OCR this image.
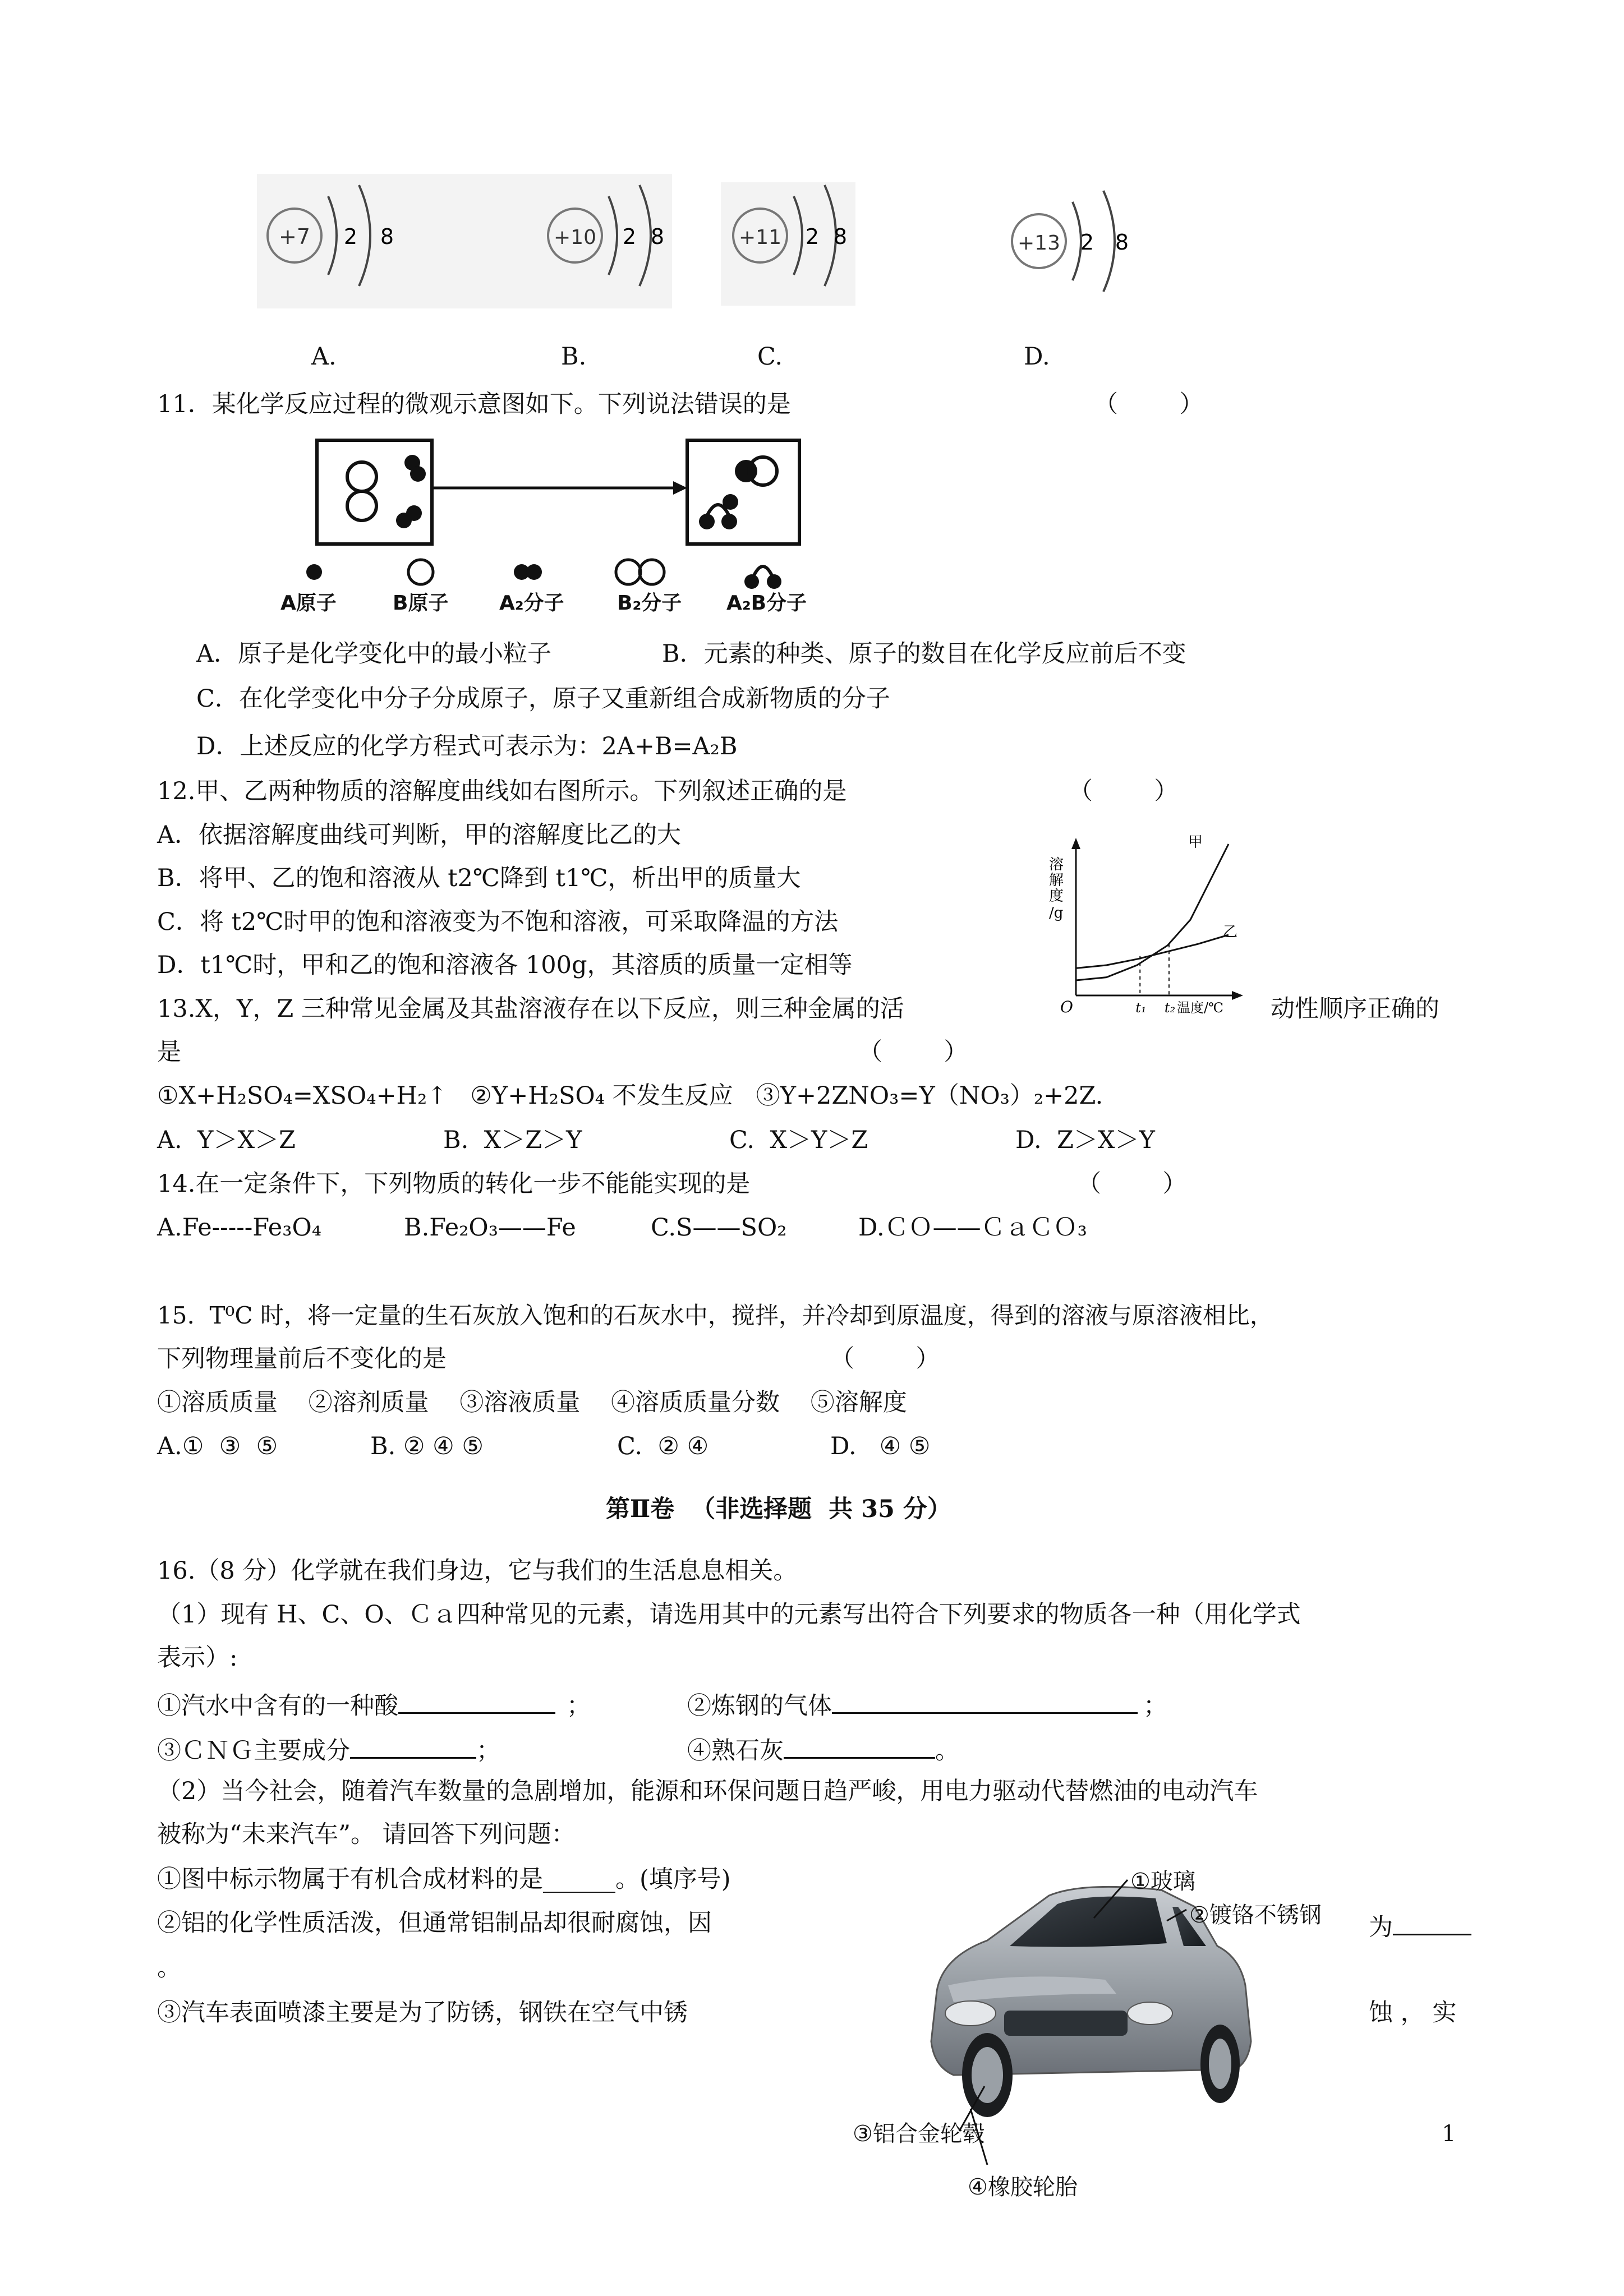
+7 2 8	+10 2 8	+11 2 8	+13 2 8
A.	B.	C.	D.
11．某化学反应过程的微观示意图如下。下列说法错误的是	（        ）
A原子	B原子	A₂分子	B₂分子 A₂B分子
A．原子是化学变化中的最小粒子	B．元素的种类、原子的数目在化学反应前后不变
C．在化学变化中分子分成原子，原子又重新组合成新物质的分子
D．上述反应的化学方程式可表示为：2A+B=A₂B
12.甲、乙两种物质的溶解度曲线如右图所示。下列叙述正确的是	（        ）
A．依据溶解度曲线可判断，甲的溶解度比乙的大
B．将甲、乙的饱和溶液从 t2℃降到 t1℃，析出甲的质量大
C．将 t2℃时甲的饱和溶液变为不饱和溶液，可采取降温的方法
D．t1℃时，甲和乙的饱和溶液各 100g，其溶质的质量一定相等
溶
解
度
/g
O	t₁ t₂ 温度/℃
甲
乙
13.X，Y，Z 三种常见金属及其盐溶液存在以下反应，则三种金属的活	动性顺序正确的
是	（        ）
①X+H₂SO₄=XSO₄+H₂↑   ②Y+H₂SO₄ 不发生反应   ③Y+2ZNO₃=Y（NO₃）₂+2Z.
A.  Y＞X＞Z	B.  X＞Z＞Y	C.  X＞Y＞Z	D.  Z＞X＞Y
14.在一定条件下，下列物质的转化一步不能能实现的是	（        ）
A.Fe-----Fe₃O₄	B.Fe₂O₃——Fe	C.S——SO₂	D.ＣＯ——ＣａＣＯ₃
15.  T⁰C 时，将一定量的生石灰放入饱和的石灰水中，搅拌，并冷却到原温度，得到的溶液与原溶液相比，
下列物理量前后不变化的是	（        ）
①溶质质量    ②溶剂质量    ③溶液质量    ④溶质质量分数    ⑤溶解度
A.①  ③  ⑤	B. ② ④ ⑤	C.  ② ④	D.   ④ ⑤
第Ⅱ卷  （非选择题  共 35 分）
16.（8 分）化学就在我们身边，它与我们的生活息息相关。
（1）现有 H、C、O、Ｃａ四种常见的元素，请选用其中的元素写出符合下列要求的物质各一种（用化学式
表示）:
①汽水中含有的一种酸	；	②炼钢的气体	；
③ＣＮＧ主要成分	；	④熟石灰	。
（2）当今社会，随着汽车数量的急剧增加，能源和环保问题日趋严峻，用电力驱动代替燃油的电动汽车
被称为“未来汽车”。 请回答下列问题：
①图中标示物属于有机合成材料的是______。(填序号)
②铝的化学性质活泼，但通常铝制品却很耐腐蚀，因	为
。
③汽车表面喷漆主要是为了防锈，钢铁在空气中锈	蚀 ， 实
①玻璃
②镀铬不锈钢
③铝合金轮毂
④橡胶轮胎
1
